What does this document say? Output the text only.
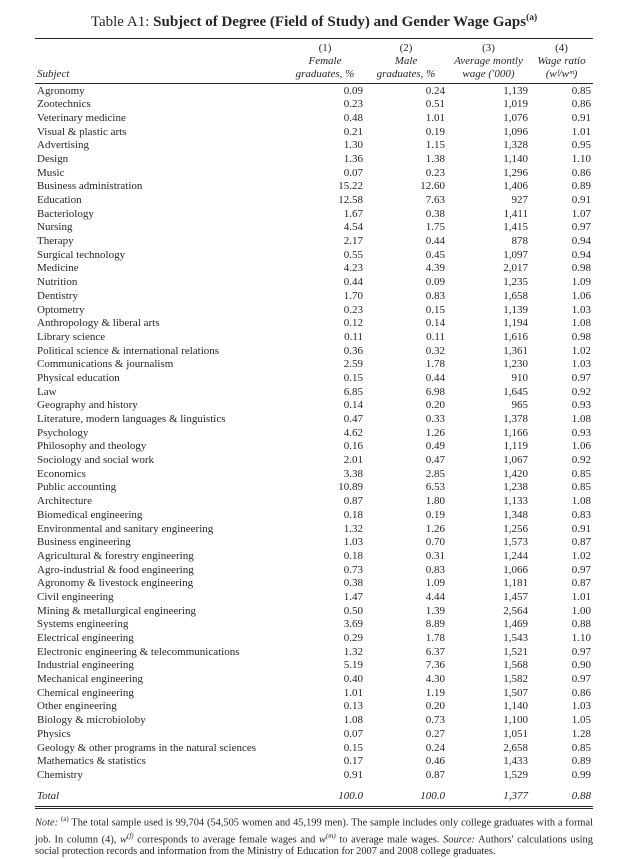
Table A1: Subject of Degree (Field of Study) and Gender Wage Gaps$^{(a)}$

	(1)	(2)	(3)	(4)
	Female	Male	Average montly	Wage ratio
Subject	graduates, %	graduates, %	wage ('000)	(wᶠ/wᵐ)
Agronomy	0.09	0.24	1,139	0.85
Zootechnics	0.23	0.51	1,019	0.86
Veterinary medicine	0.48	1.01	1,076	0.91
Visual & plastic arts	0.21	0.19	1,096	1.01
Advertising	1.30	1.15	1,328	0.95
Design	1.36	1.38	1,140	1.10
Music	0.07	0.23	1,296	0.86
Business administration	15.22	12.60	1,406	0.89
Education	12.58	7.63	927	0.91
Bacteriology	1.67	0.38	1,411	1.07
Nursing	4.54	1.75	1,415	0.97
Therapy	2.17	0.44	878	0.94
Surgical technology	0.55	0.45	1,097	0.94
Medicine	4.23	4.39	2,017	0.98
Nutrition	0.44	0.09	1,235	1.09
Dentistry	1.70	0.83	1,658	1.06
Optometry	0.23	0.15	1,139	1.03
Anthropology & liberal arts	0.12	0.14	1,194	1.08
Library science	0.11	0.11	1,616	0.98
Political science & international relations	0.36	0.32	1,361	1.02
Communications & journalism	2.59	1.78	1,230	1.03
Physical education	0.15	0.44	910	0.97
Law	6.85	6.98	1,645	0.92
Geography and history	0.14	0.20	965	0.93
Literature, modern languages & linguistics	0.47	0.33	1,378	1.08
Psychology	4.62	1.26	1,166	0.93
Philosophy and theology	0.16	0.49	1,119	1.06
Sociology and social work	2.01	0.47	1,067	0.92
Economics	3.38	2.85	1,420	0.85
Public accounting	10.89	6.53	1,238	0.85
Architecture	0.87	1.80	1,133	1.08
Biomedical engineering	0.18	0.19	1,348	0.83
Environmental and sanitary engineering	1.32	1.26	1,256	0.91
Business engineering	1.03	0.70	1,573	0.87
Agricultural & forestry engineering	0.18	0.31	1,244	1.02
Agro-industrial & food engineering	0.73	0.83	1,066	0.97
Agronomy & livestock engineering	0.38	1.09	1,181	0.87
Civil engineering	1.47	4.44	1,457	1.01
Mining & metallurgical engineering	0.50	1.39	2,564	1.00
Systems engineering	3.69	8.89	1,469	0.88
Electrical engineering	0.29	1.78	1,543	1.10
Electronic engineering & telecommunications	1.32	6.37	1,521	0.97
Industrial engineering	5.19	7.36	1,568	0.90
Mechanical engineering	0.40	4.30	1,582	0.97
Chemical engineering	1.01	1.19	1,507	0.86
Other engineering	0.13	0.20	1,140	1.03
Biology & microbioloby	1.08	0.73	1,100	1.05
Physics	0.07	0.27	1,051	1.28
Geology & other programs in the natural sciences	0.15	0.24	2,658	0.85
Mathematics & statistics	0.17	0.46	1,433	0.89
Chemistry	0.91	0.87	1,529	0.99
Total	100.0	100.0	1,377	0.88

Note: $^{(a)}$ The total sample used is 99,704 (54,505 women and 45,199 men). The sample includes only college graduates with a formal job. In column (4), $w^{(f)}$ corresponds to average female wages and $w^{(m)}$ to average male wages. Source: Authors' calculations using social protection records and information from the Ministry of Education for 2007 and 2008 college graduates.
